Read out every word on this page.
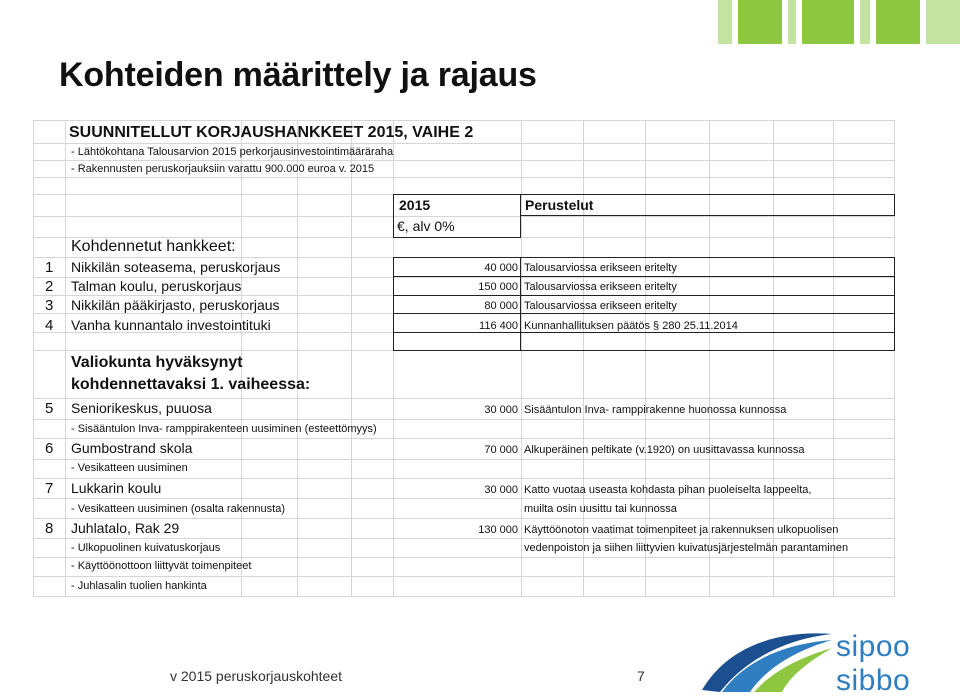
Kohteiden määrittely ja rajaus
SUUNNITELLUT KORJAUSHANKKEET 2015, VAIHE 2
- Lähtökohtana Talousarvion 2015 perkorjausinvestointimääräraha
- Rakennusten peruskorjauksiin varattu 900.000 euroa v. 2015
2015	Perustelut
€, alv 0%
Kohdennetut hankkeet:
1 Nikkilän soteasema, peruskorjaus	40 000 Talousarviossa erikseen eritelty
2 Talman koulu, peruskorjaus	150 000 Talousarviossa erikseen eritelty
3 Nikkilän pääkirjasto, peruskorjaus	80 000 Talousarviossa erikseen eritelty
4 Vanha kunnantalo investointituki	116 400 Kunnanhallituksen päätös § 280 25.11.2014
Valiokunta hyväksynyt
kohdennettavaksi 1. vaiheessa:
5 Seniorikeskus, puuosa	30 000 Sisääntulon Inva- ramppirakenne huonossa kunnossa
- Sisääntulon Inva- ramppirakenteen uusiminen (esteettömyys)
6 Gumbostrand skola	70 000 Alkuperäinen peltikate (v.1920) on uusittavassa kunnossa
- Vesikatteen uusiminen
7 Lukkarin koulu	30 000 Katto vuotaa useasta kohdasta pihan puoleiselta lappeelta,
- Vesikatteen uusiminen (osalta rakennusta)	muilta osin uusittu tai kunnossa
8 Juhlatalo, Rak 29	130 000 Käyttöönoton vaatimat toimenpiteet ja rakennuksen ulkopuolisen
- Ulkopuolinen kuivatuskorjaus	vedenpoiston ja siihen liittyvien kuivatusjärjestelmän parantaminen
- Käyttöönottoon liittyvät toimenpiteet
- Juhlasalin tuolien hankinta
v 2015 peruskorjauskohteet	7
sipoo
sibbo
